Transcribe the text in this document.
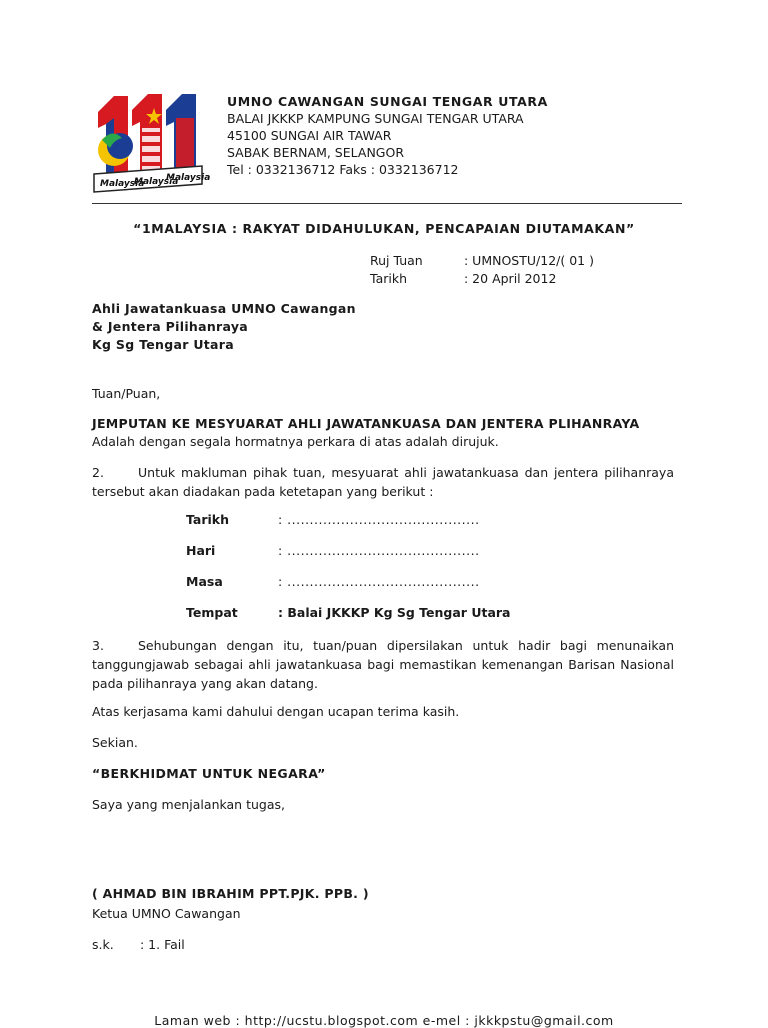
Malaysia
Malaysia
Malaysia
UMNO CAWANGAN SUNGAI TENGAR UTARA
BALAI JKKKP KAMPUNG SUNGAI TENGAR UTARA
45100 SUNGAI AIR TAWAR
SABAK BERNAM, SELANGOR
Tel : 0332136712 Faks : 0332136712
“1MALAYSIA : RAKYAT DIDAHULUKAN, PENCAPAIAN DIUTAMAKAN”
Ruj Tuan	: UMNOSTU/12/( 01 )
Tarikh	: 20 April 2012
Ahli Jawatankuasa UMNO Cawangan
& Jentera Pilihanraya
Kg Sg Tengar Utara
Tuan/Puan,
JEMPUTAN KE MESYUARAT AHLI JAWATANKUASA DAN JENTERA PLIHANRAYA
Adalah dengan segala hormatnya perkara di atas adalah dirujuk.
2.	Untuk makluman pihak tuan, mesyuarat ahli jawatankuasa dan jentera pilihanraya tersebut akan diadakan pada ketetapan yang berikut :
Tarikh	: ...........................................
Hari	: ...........................................
Masa	: ...........................................
Tempat	: Balai JKKKP Kg Sg Tengar Utara
3.	Sehubungan dengan itu, tuan/puan dipersilakan untuk hadir bagi menunaikan tanggungjawab sebagai ahli jawatankuasa bagi memastikan kemenangan Barisan Nasional pada pilihanraya yang akan datang.
Atas kerjasama kami dahului dengan ucapan terima kasih.
Sekian.
“BERKHIDMAT UNTUK NEGARA”
Saya yang menjalankan tugas,
( AHMAD BIN IBRAHIM PPT.PJK. PPB. )
Ketua UMNO Cawangan
s.k.	: 1. Fail
Laman web : http://ucstu.blogspot.com e-mel : jkkkpstu@gmail.com
